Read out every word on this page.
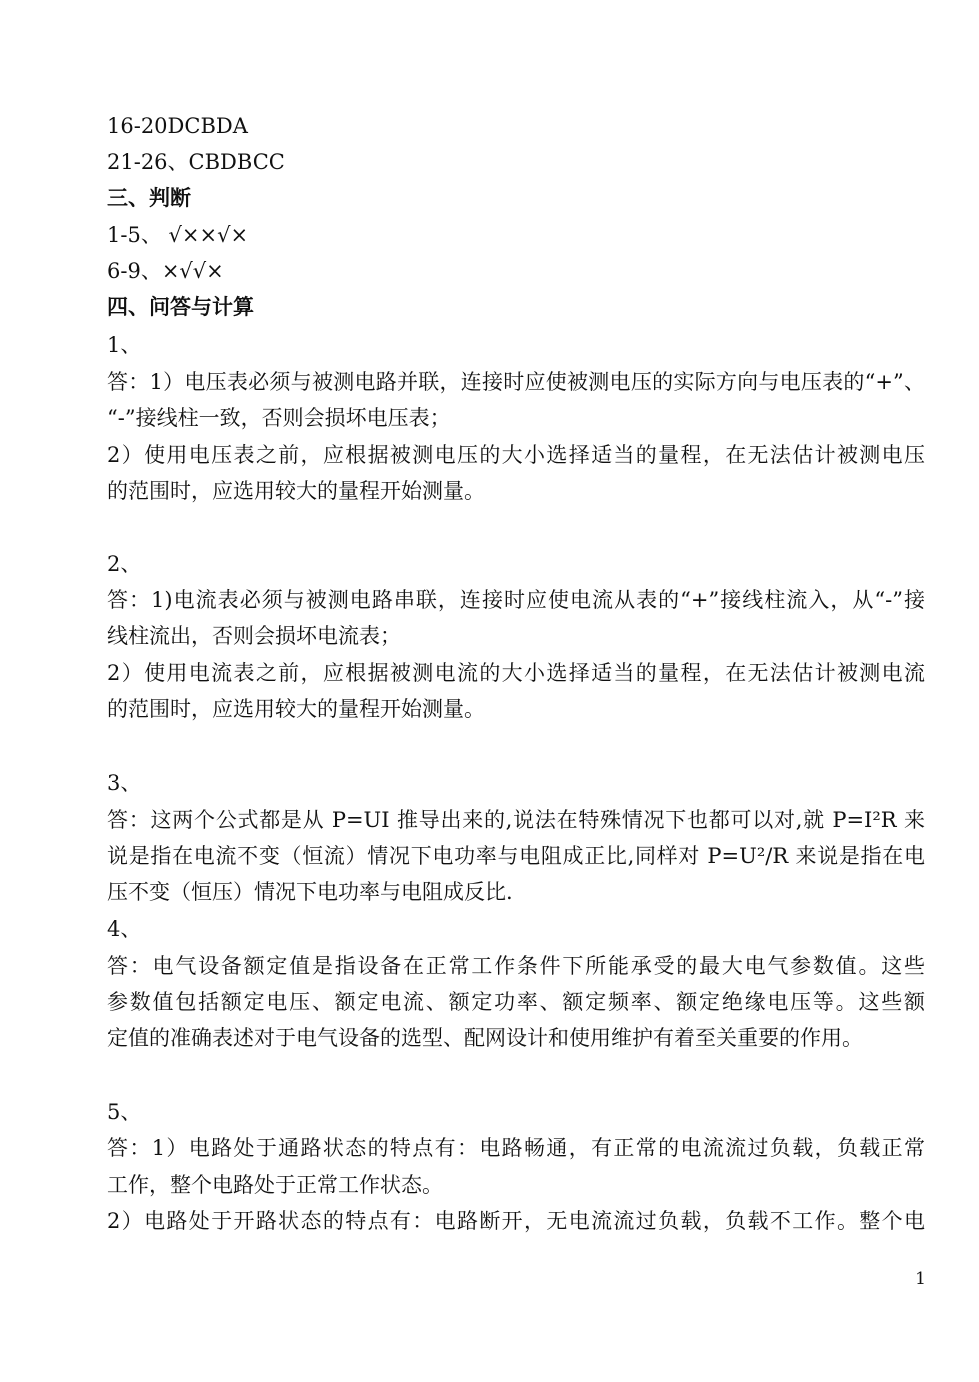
16-20DCBDA
21-26、CBDBCC
三、判断
1-5、 √××√×
6-9、×√√×
四、问答与计算
1、
答：1）电压表必须与被测电路并联，连接时应使被测电压的实际方向与电压表的“+”、
“-”接线柱一致，否则会损坏电压表；
2）使用电压表之前，应根据被测电压的大小选择适当的量程，在无法估计被测电压
的范围时，应选用较大的量程开始测量。
2、
答：1)电流表必须与被测电路串联，连接时应使电流从表的“+”接线柱流入，从“-”接
线柱流出，否则会损坏电流表；
2）使用电流表之前，应根据被测电流的大小选择适当的量程，在无法估计被测电流
的范围时，应选用较大的量程开始测量。
3、
答：这两个公式都是从 P=UI 推导出来的,说法在特殊情况下也都可以对,就 P=I²R 来
说是指在电流不变（恒流）情况下电功率与电阻成正比,同样对 P=U²/R 来说是指在电
压不变（恒压）情况下电功率与电阻成反比.
4、
答：电气设备额定值是指设备在正常工作条件下所能承受的最大电气参数值。这些
参数值包括额定电压、额定电流、额定功率、额定频率、额定绝缘电压等。这些额
定值的准确表述对于电气设备的选型、配网设计和使用维护有着至关重要的作用。
5、
答：1）电路处于通路状态的特点有：电路畅通，有正常的电流流过负载，负载正常
工作，整个电路处于正常工作状态。
2）电路处于开路状态的特点有：电路断开，无电流流过负载，负载不工作。整个电
1
